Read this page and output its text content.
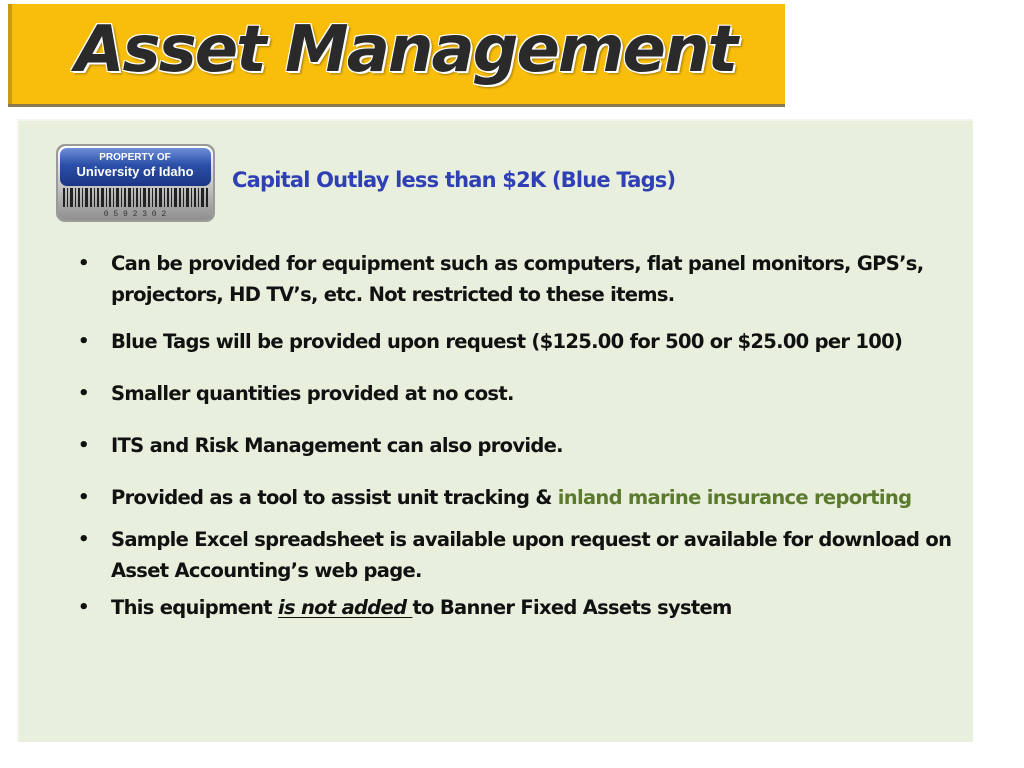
Asset Management
PROPERTY OF
University of Idaho
0 5 9 2 3 0 2
Capital Outlay less than $2K (Blue Tags)
•	Can be provided for equipment such as computers, flat panel monitors, GPS’s, projectors, HD TV’s, etc. Not restricted to these items.
•	Blue Tags will be provided upon request ($125.00 for 500 or $25.00 per 100)
•	Smaller quantities provided at no cost.
•	ITS and Risk Management can also provide.
•	Provided as a tool to assist unit tracking & inland marine insurance reporting
•	Sample Excel spreadsheet is available upon request or available for download on Asset Accounting’s web page.
•	This equipment is not added to Banner Fixed Assets system
